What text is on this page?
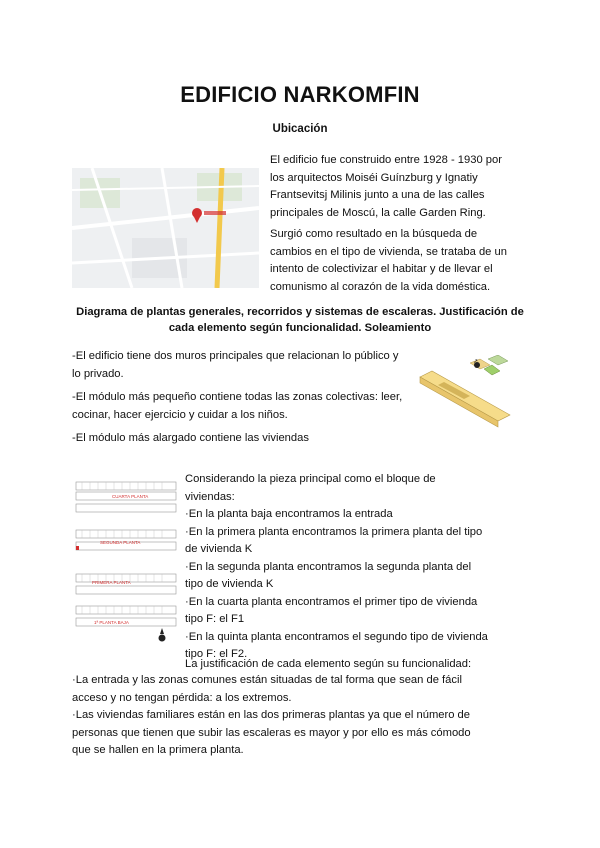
EDIFICIO NARKOMFIN
Ubicación
El edificio fue construido entre 1928 - 1930 por
los arquitectos Moiséi Guínzburg y Ignatiy
Frantsevitsj Milinis junto a una de las calles
principales de Moscú, la calle Garden Ring.
Surgió como resultado en la búsqueda de
cambios en el tipo de vivienda, se trataba de un
intento de colectivizar el habitar y de llevar el
comunismo al corazón de la vida doméstica.
Diagrama de plantas generales, recorridos y sistemas de escaleras. Justificación de
cada elemento según funcionalidad. Soleamiento
-El edificio tiene dos muros principales que relacionan lo público y
lo privado.
-El módulo más pequeño contiene todas las zonas colectivas: leer,
cocinar, hacer ejercicio y cuidar a los niños.
-El módulo más alargado contiene las viviendas
↗
CUARTA PLANTA
SEGUNDA PLANTA
PRIMERA PLANTA
1ª PLANTA BAJA
Considerando la pieza principal como el bloque de
viviendas:
·En la planta baja encontramos la entrada
·En la primera planta encontramos la primera planta del tipo
de vivienda K
·En la segunda planta encontramos la segunda planta del
tipo de vivienda K
·En la cuarta planta encontramos el primer tipo de vivienda
tipo F: el F1
·En la quinta planta encontramos el segundo tipo de vivienda
tipo F: el F2.
La justificación de cada elemento según su funcionalidad:
·La entrada y las zonas comunes están situadas de tal forma que sean de fácil
acceso y no tengan pérdida: a los extremos.
·Las viviendas familiares están en las dos primeras plantas ya que el número de
personas que tienen que subir las escaleras es mayor y por ello es más cómodo
que se hallen en la primera planta.
